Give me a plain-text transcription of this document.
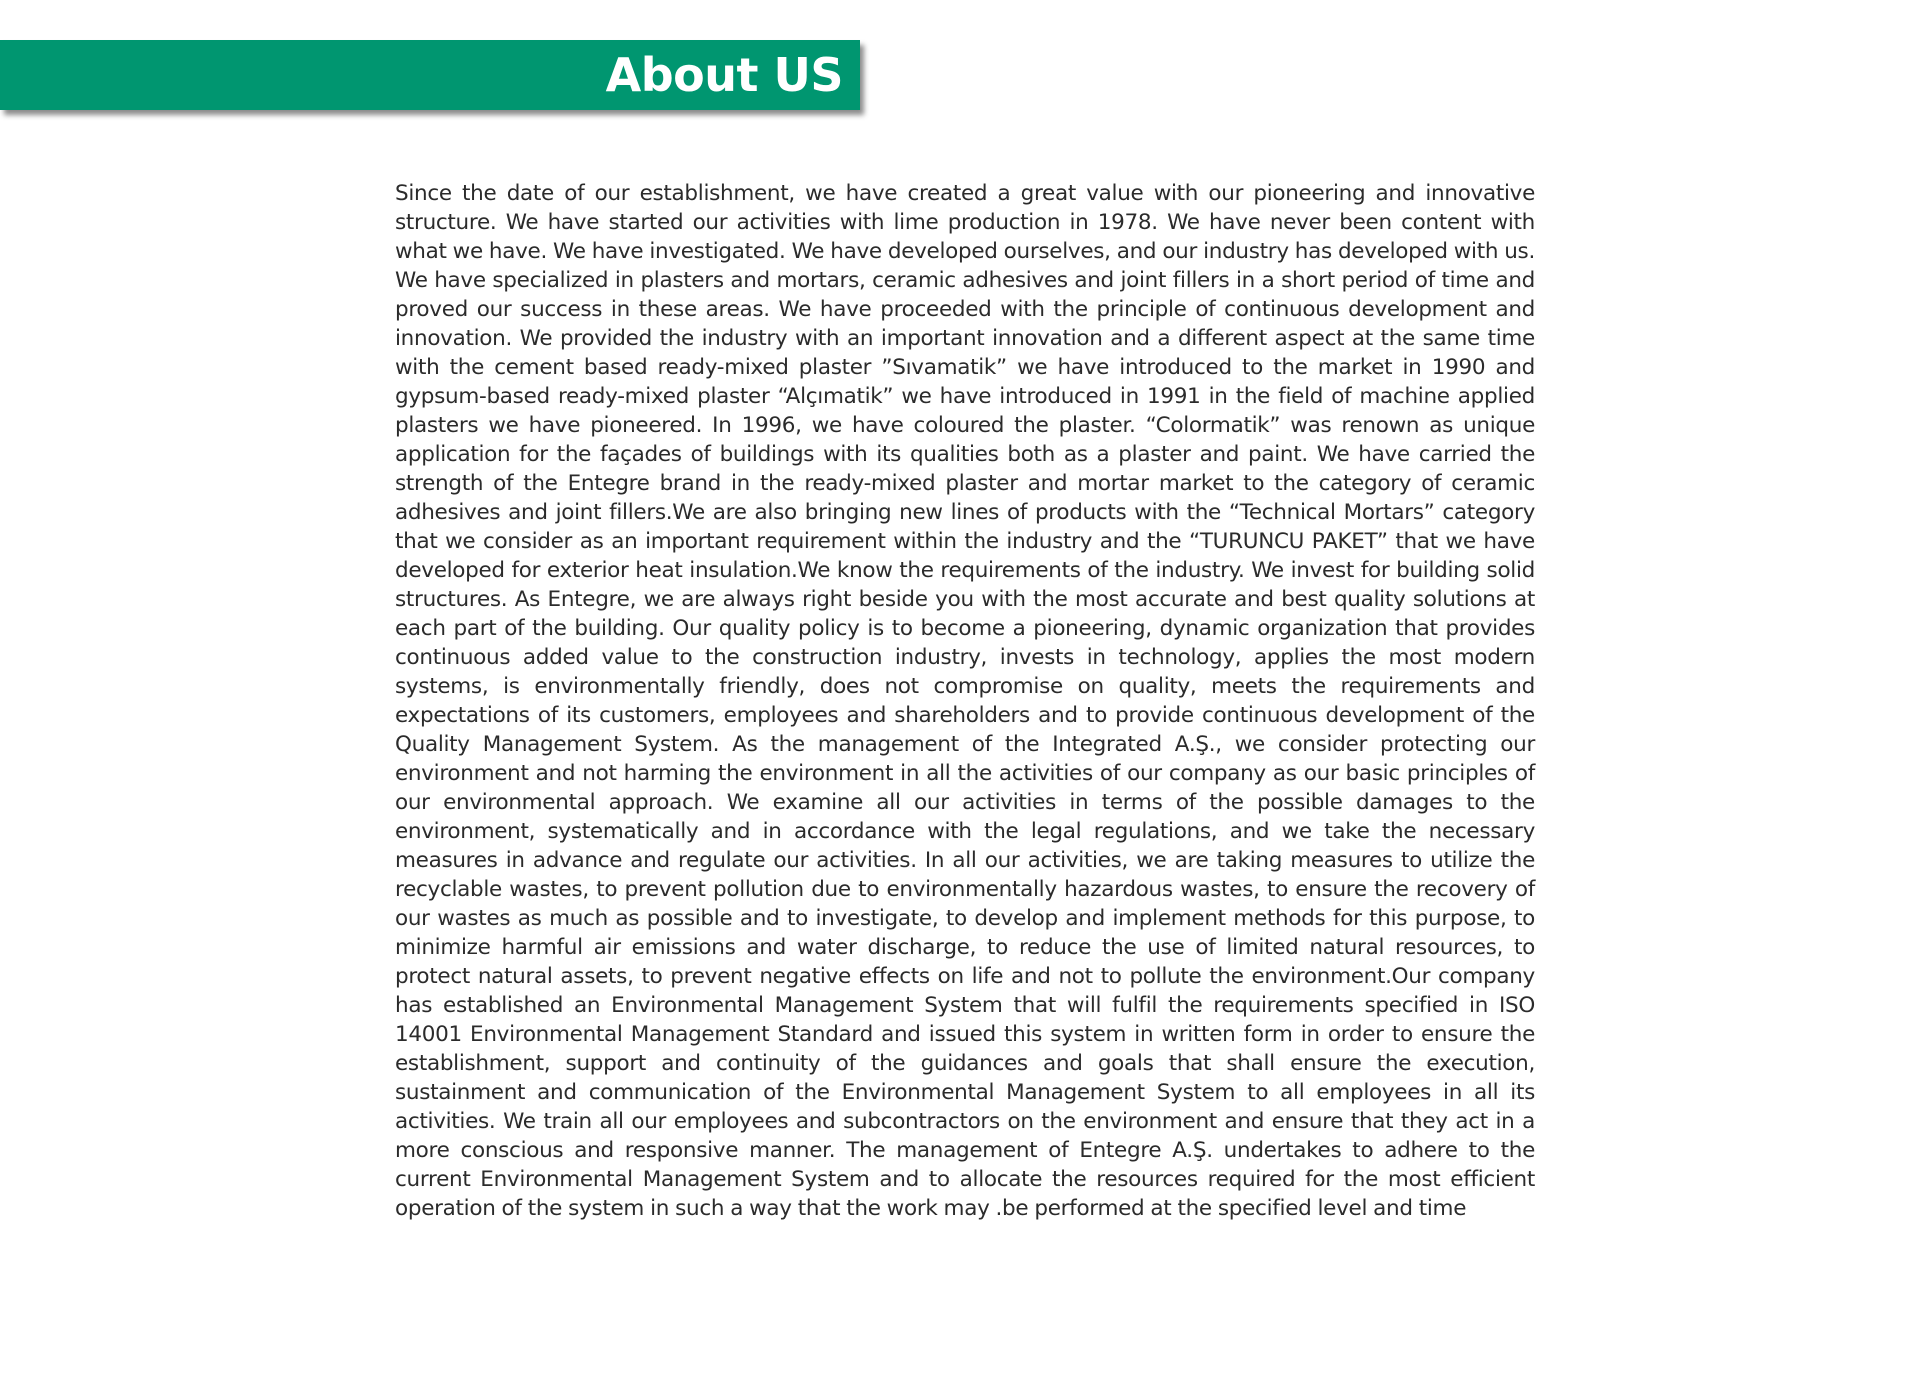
About US

Since the date of our establishment, we have created a great value with our pioneering and innovative structure. We have started our activities with lime production in 1978. We have never been content with what we have. We have investigated. We have developed ourselves, and our industry has developed with us. We have specialized in plasters and mortars, ceramic adhesives and joint fillers in a short period of time and proved our success in these areas. We have proceeded with the principle of continuous development and innovation. We provided the industry with an important innovation and a different aspect at the same time with the cement based ready-mixed plaster ”Sıvamatik” we have introduced to the market in 1990 and gypsum-based ready-mixed plaster “Alçımatik” we have introduced in 1991 in the field of machine applied plasters we have pioneered. In 1996, we have coloured the plaster. “Colormatik” was renown as unique application for the façades of buildings with its qualities both as a plaster and paint. We have carried the strength of the Entegre brand in the ready-mixed plaster and mortar market to the category of ceramic adhesives and joint fillers.We are also bringing new lines of products with the “Technical Mortars” category that we consider as an important requirement within the industry and the “TURUNCU PAKET” that we have developed for exterior heat insulation.We know the requirements of the industry. We invest for building solid structures. As Entegre, we are always right beside you with the most accurate and best quality solutions at each part of the building. Our quality policy is to become a pioneering, dynamic organization that provides continuous added value to the construction industry, invests in technology, applies the most modern systems, is environmentally friendly, does not compromise on quality, meets the requirements and expectations of its customers, employees and shareholders and to provide continuous development of the Quality Management System. As the management of the Integrated A.Ş., we consider protecting our environment and not harming the environment in all the activities of our company as our basic principles of our environmental approach. We examine all our activities in terms of the possible damages to the environment, systematically and in accordance with the legal regulations, and we take the necessary measures in advance and regulate our activities. In all our activities, we are taking measures to utilize the recyclable wastes, to prevent pollution due to environmentally hazardous wastes, to ensure the recovery of our wastes as much as possible and to investigate, to develop and implement methods for this purpose, to minimize harmful air emissions and water discharge, to reduce the use of limited natural resources, to protect natural assets, to prevent negative effects on life and not to pollute the environment.Our company has established an Environmental Management System that will fulfil the requirements specified in ISO 14001 Environmental Management Standard and issued this system in written form in order to ensure the establishment, support and continuity of the guidances and goals that shall ensure the execution, sustainment and communication of the Environmental Management System to all employees in all its activities. We train all our employees and subcontractors on the environment and ensure that they act in a more conscious and responsive manner. The management of Entegre A.Ş. undertakes to adhere to the current Environmental Management System and to allocate the resources required for the most efficient operation of the system in such a way that the work may .be performed at the specified level and time
